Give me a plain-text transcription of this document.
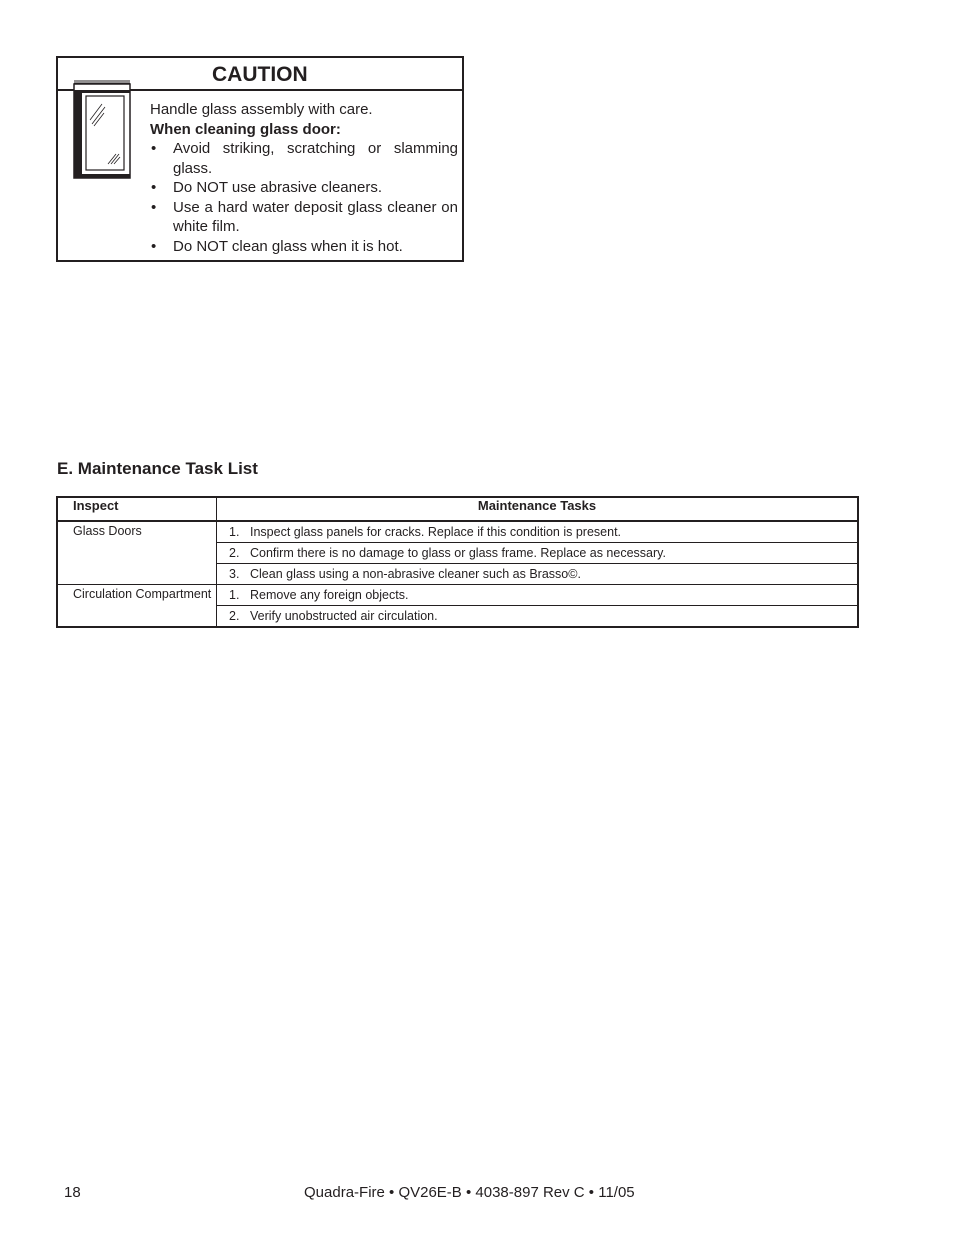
CAUTION

Handle glass assembly with care.

When cleaning glass door:

• Avoid striking, scratching or slamming glass.
• Do NOT use abrasive cleaners.
• Use a hard water deposit glass cleaner on white film.
• Do NOT clean glass when it is hot.
E. Maintenance Task List
Inspect	Maintenance Tasks
Glass Doors	1. Inspect glass panels for cracks. Replace if this condition is present.
	2. Confirm there is no damage to glass or glass frame. Replace as necessary.
	3. Clean glass using a non-abrasive cleaner such as Brasso©.
Circulation Compartment	1. Remove any foreign objects.
	2. Verify unobstructed air circulation.
18	Quadra-Fire • QV26E-B • 4038-897 Rev C • 11/05
